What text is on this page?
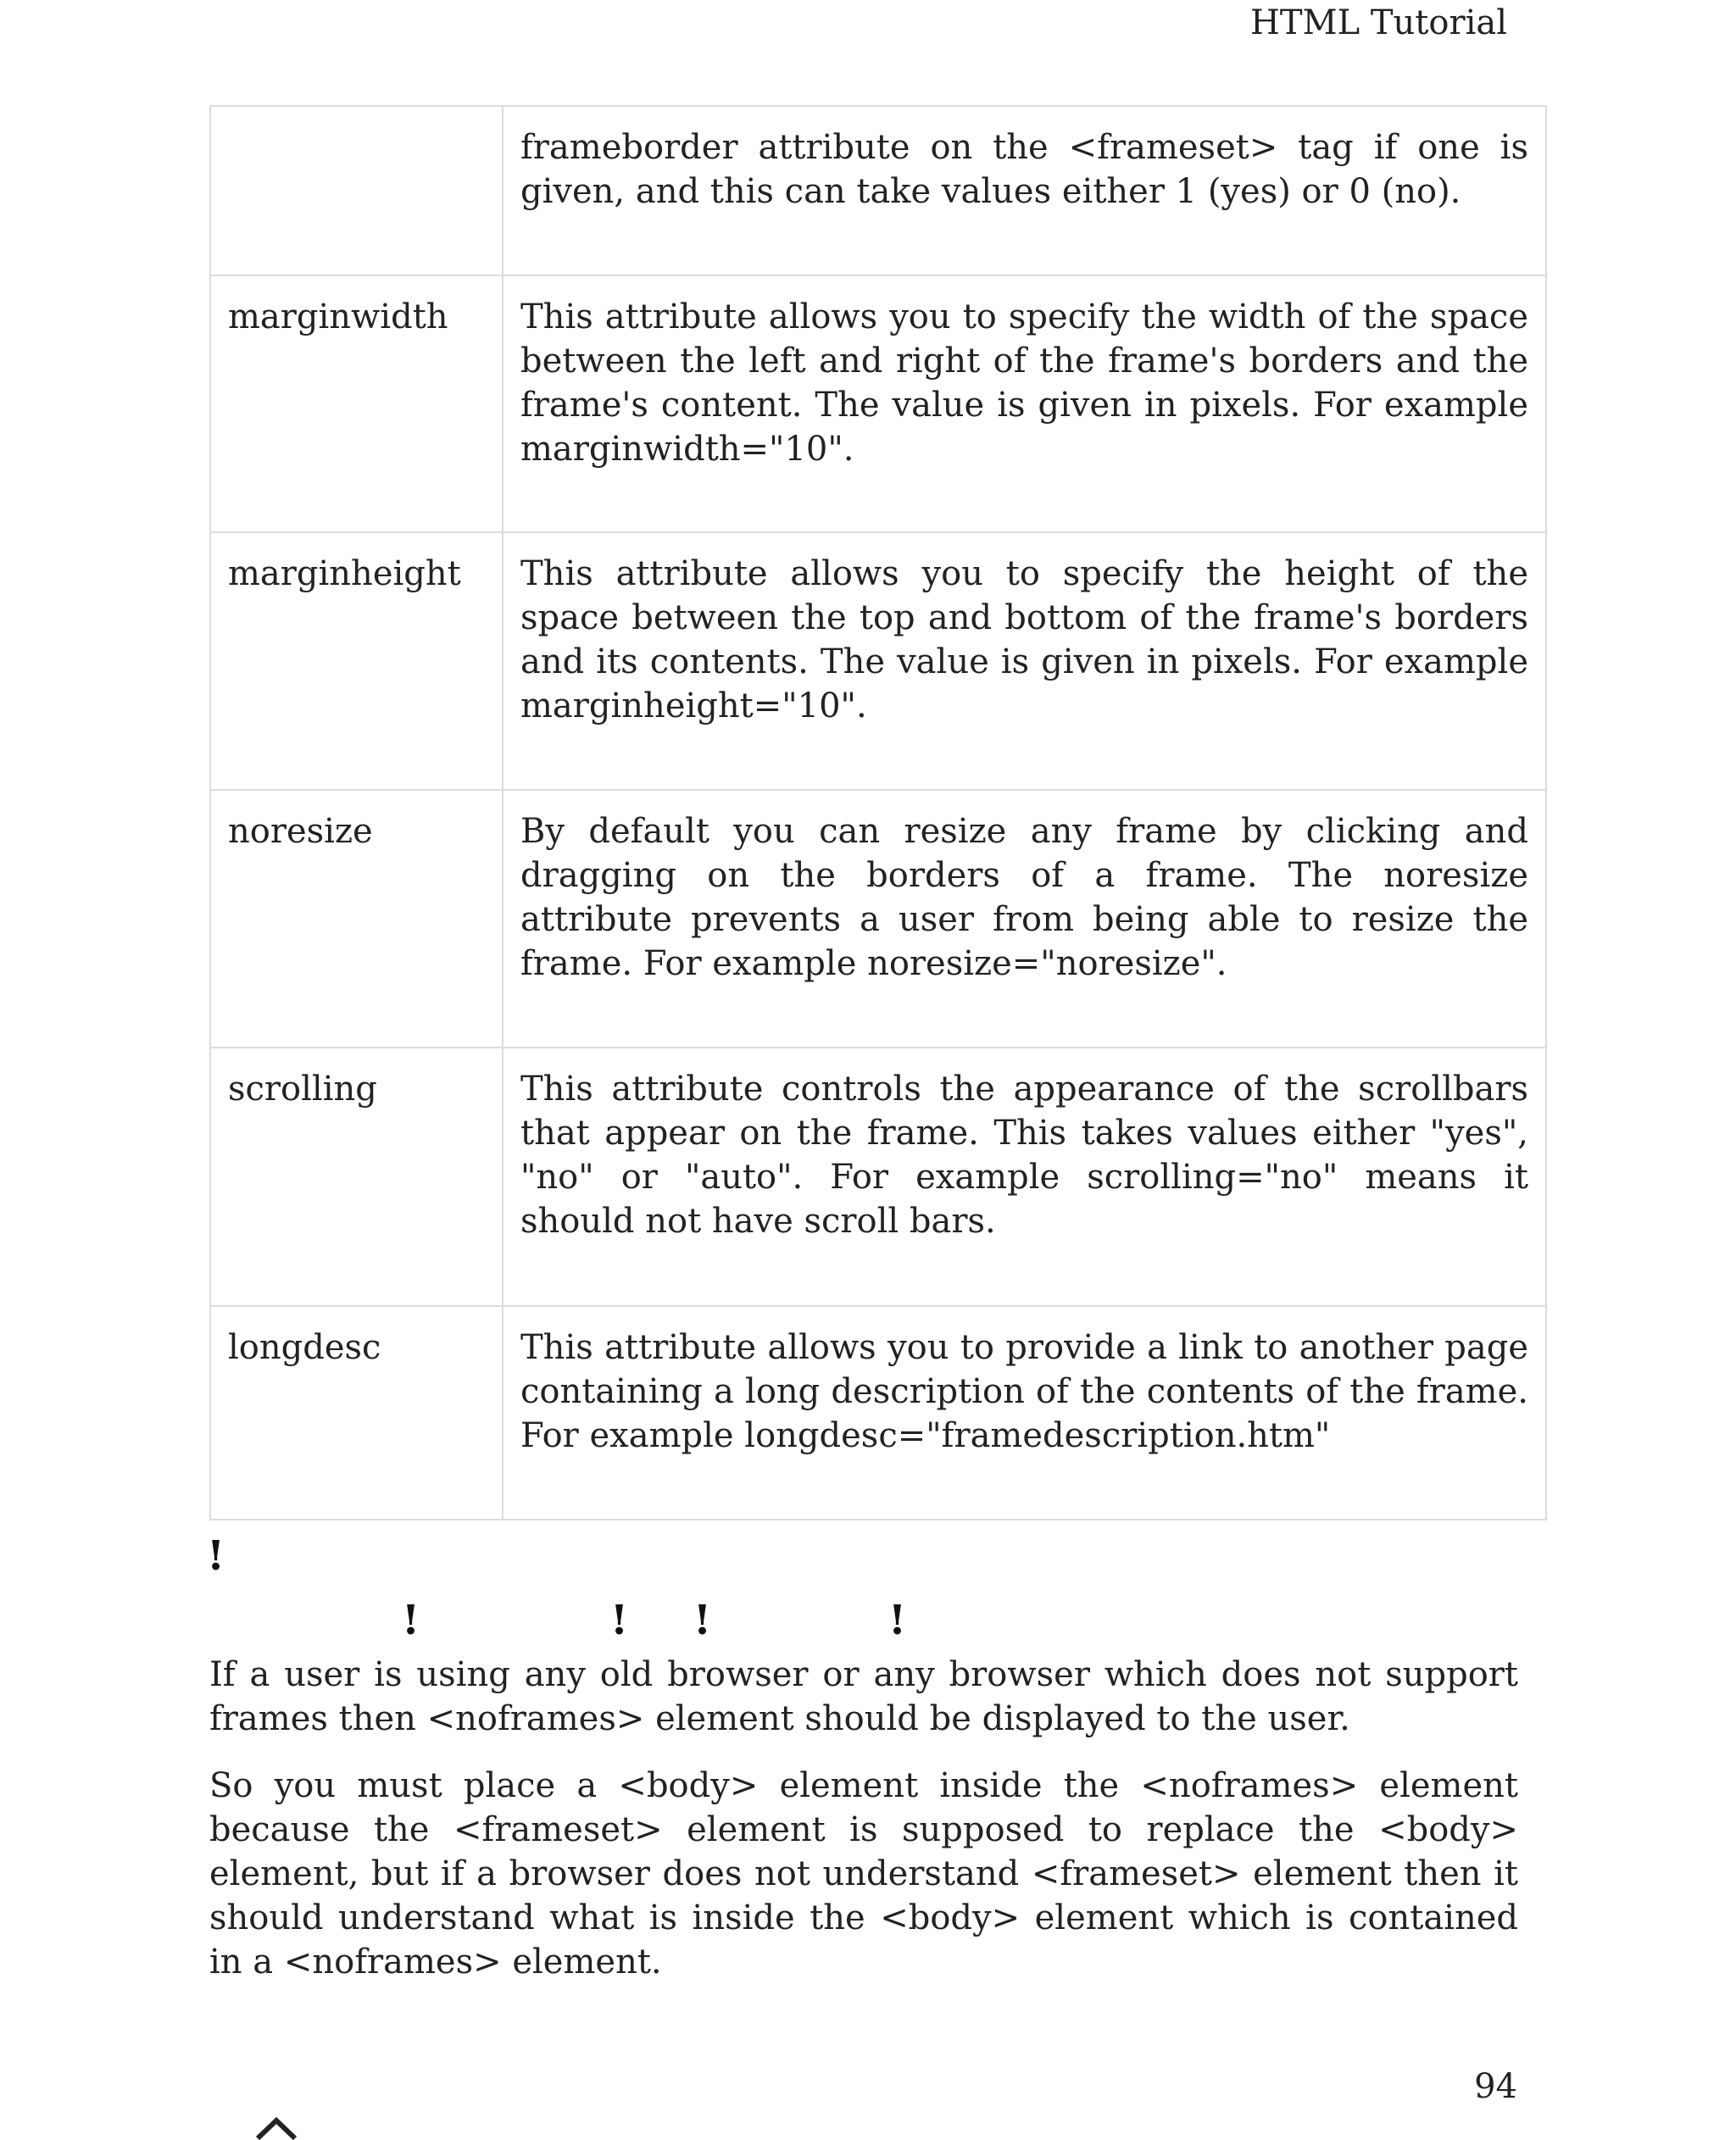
HTML Tutorial
	frameborder attribute on the <frameset> tag if one is given, and this can take values either 1 (yes) or 0 (no).
marginwidth	This attribute allows you to specify the width of the space between the left and right of the frame's borders and the frame's content. The value is given in pixels. For example marginwidth="10".
marginheight	This attribute allows you to specify the height of the space between the top and bottom of the frame's borders and its contents. The value is given in pixels. For example marginheight="10".
noresize	By default you can resize any frame by clicking and dragging on the borders of a frame. The noresize attribute prevents a user from being able to resize the frame. For example noresize="noresize".
scrolling	This attribute controls the appearance of the scrollbars that appear on the frame. This takes values either "yes", "no" or "auto". For example scrolling="no" means it should not have scroll bars.
longdesc	This attribute allows you to provide a link to another page containing a long description of the contents of the frame. For example longdesc="framedescription.htm"
!
!	! !	!

If a user is using any old browser or any browser which does not support frames then <noframes> element should be displayed to the user.

So you must place a <body> element inside the <noframes> element because the <frameset> element is supposed to replace the <body> element, but if a browser does not understand <frameset> element then it should understand what is inside the <body> element which is contained in a <noframes> element.

94
